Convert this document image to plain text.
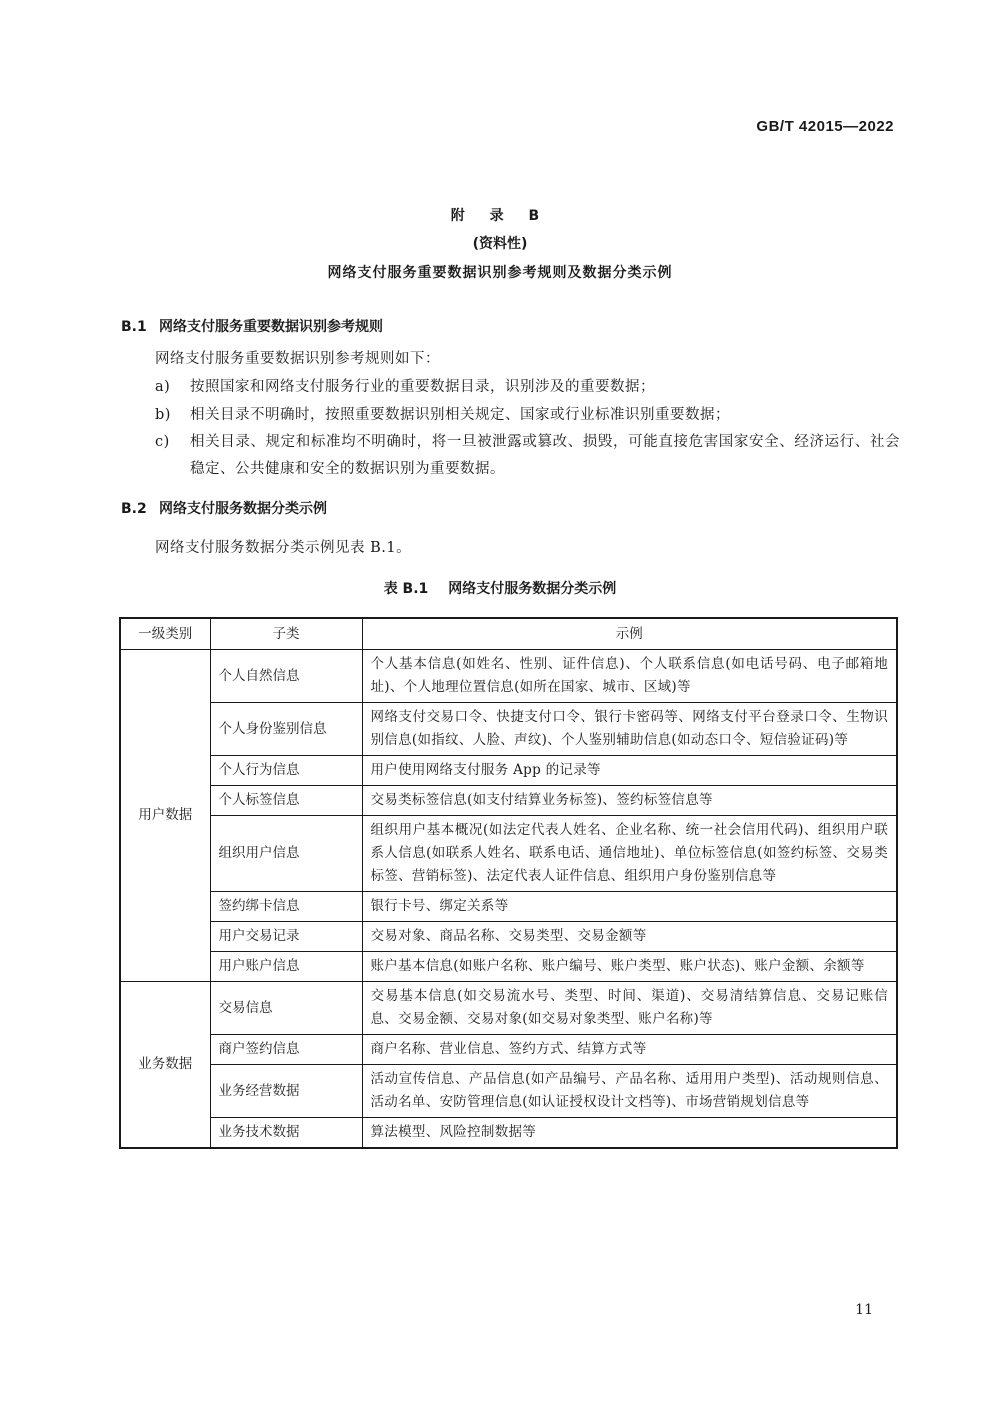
GB/T 42015—2022
附 录 B
(资料性)
网络支付服务重要数据识别参考规则及数据分类示例
B.1 网络支付服务重要数据识别参考规则
网络支付服务重要数据识别参考规则如下：
a) 按照国家和网络支付服务行业的重要数据目录，识别涉及的重要数据；
b) 相关目录不明确时，按照重要数据识别相关规定、国家或行业标准识别重要数据；
c) 相关目录、规定和标准均不明确时，将一旦被泄露或篡改、损毁，可能直接危害国家安全、经济运行、社会稳定、公共健康和安全的数据识别为重要数据。
B.2 网络支付服务数据分类示例
网络支付服务数据分类示例见表 B.1。
表 B.1 网络支付服务数据分类示例
一级类别	子类	示例
用户数据	个人自然信息	个人基本信息(如姓名、性别、证件信息)、个人联系信息(如电话号码、电子邮箱地址)、个人地理位置信息(如所在国家、城市、区域)等
	个人身份鉴别信息	网络支付交易口令、快捷支付口令、银行卡密码等、网络支付平台登录口令、生物识别信息(如指纹、人脸、声纹)、个人鉴别辅助信息(如动态口令、短信验证码)等
	个人行为信息	用户使用网络支付服务 App 的记录等
	个人标签信息	交易类标签信息(如支付结算业务标签)、签约标签信息等
	组织用户信息	组织用户基本概况(如法定代表人姓名、企业名称、统一社会信用代码)、组织用户联系人信息(如联系人姓名、联系电话、通信地址)、单位标签信息(如签约标签、交易类标签、营销标签)、法定代表人证件信息、组织用户身份鉴别信息等
	签约绑卡信息	银行卡号、绑定关系等
	用户交易记录	交易对象、商品名称、交易类型、交易金额等
	用户账户信息	账户基本信息(如账户名称、账户编号、账户类型、账户状态)、账户金额、余额等
业务数据	交易信息	交易基本信息(如交易流水号、类型、时间、渠道)、交易清结算信息、交易记账信息、交易金额、交易对象(如交易对象类型、账户名称)等
	商户签约信息	商户名称、营业信息、签约方式、结算方式等
	业务经营数据	活动宣传信息、产品信息(如产品编号、产品名称、适用用户类型)、活动规则信息、活动名单、安防管理信息(如认证授权设计文档等)、市场营销规划信息等
	业务技术数据	算法模型、风险控制数据等
11
